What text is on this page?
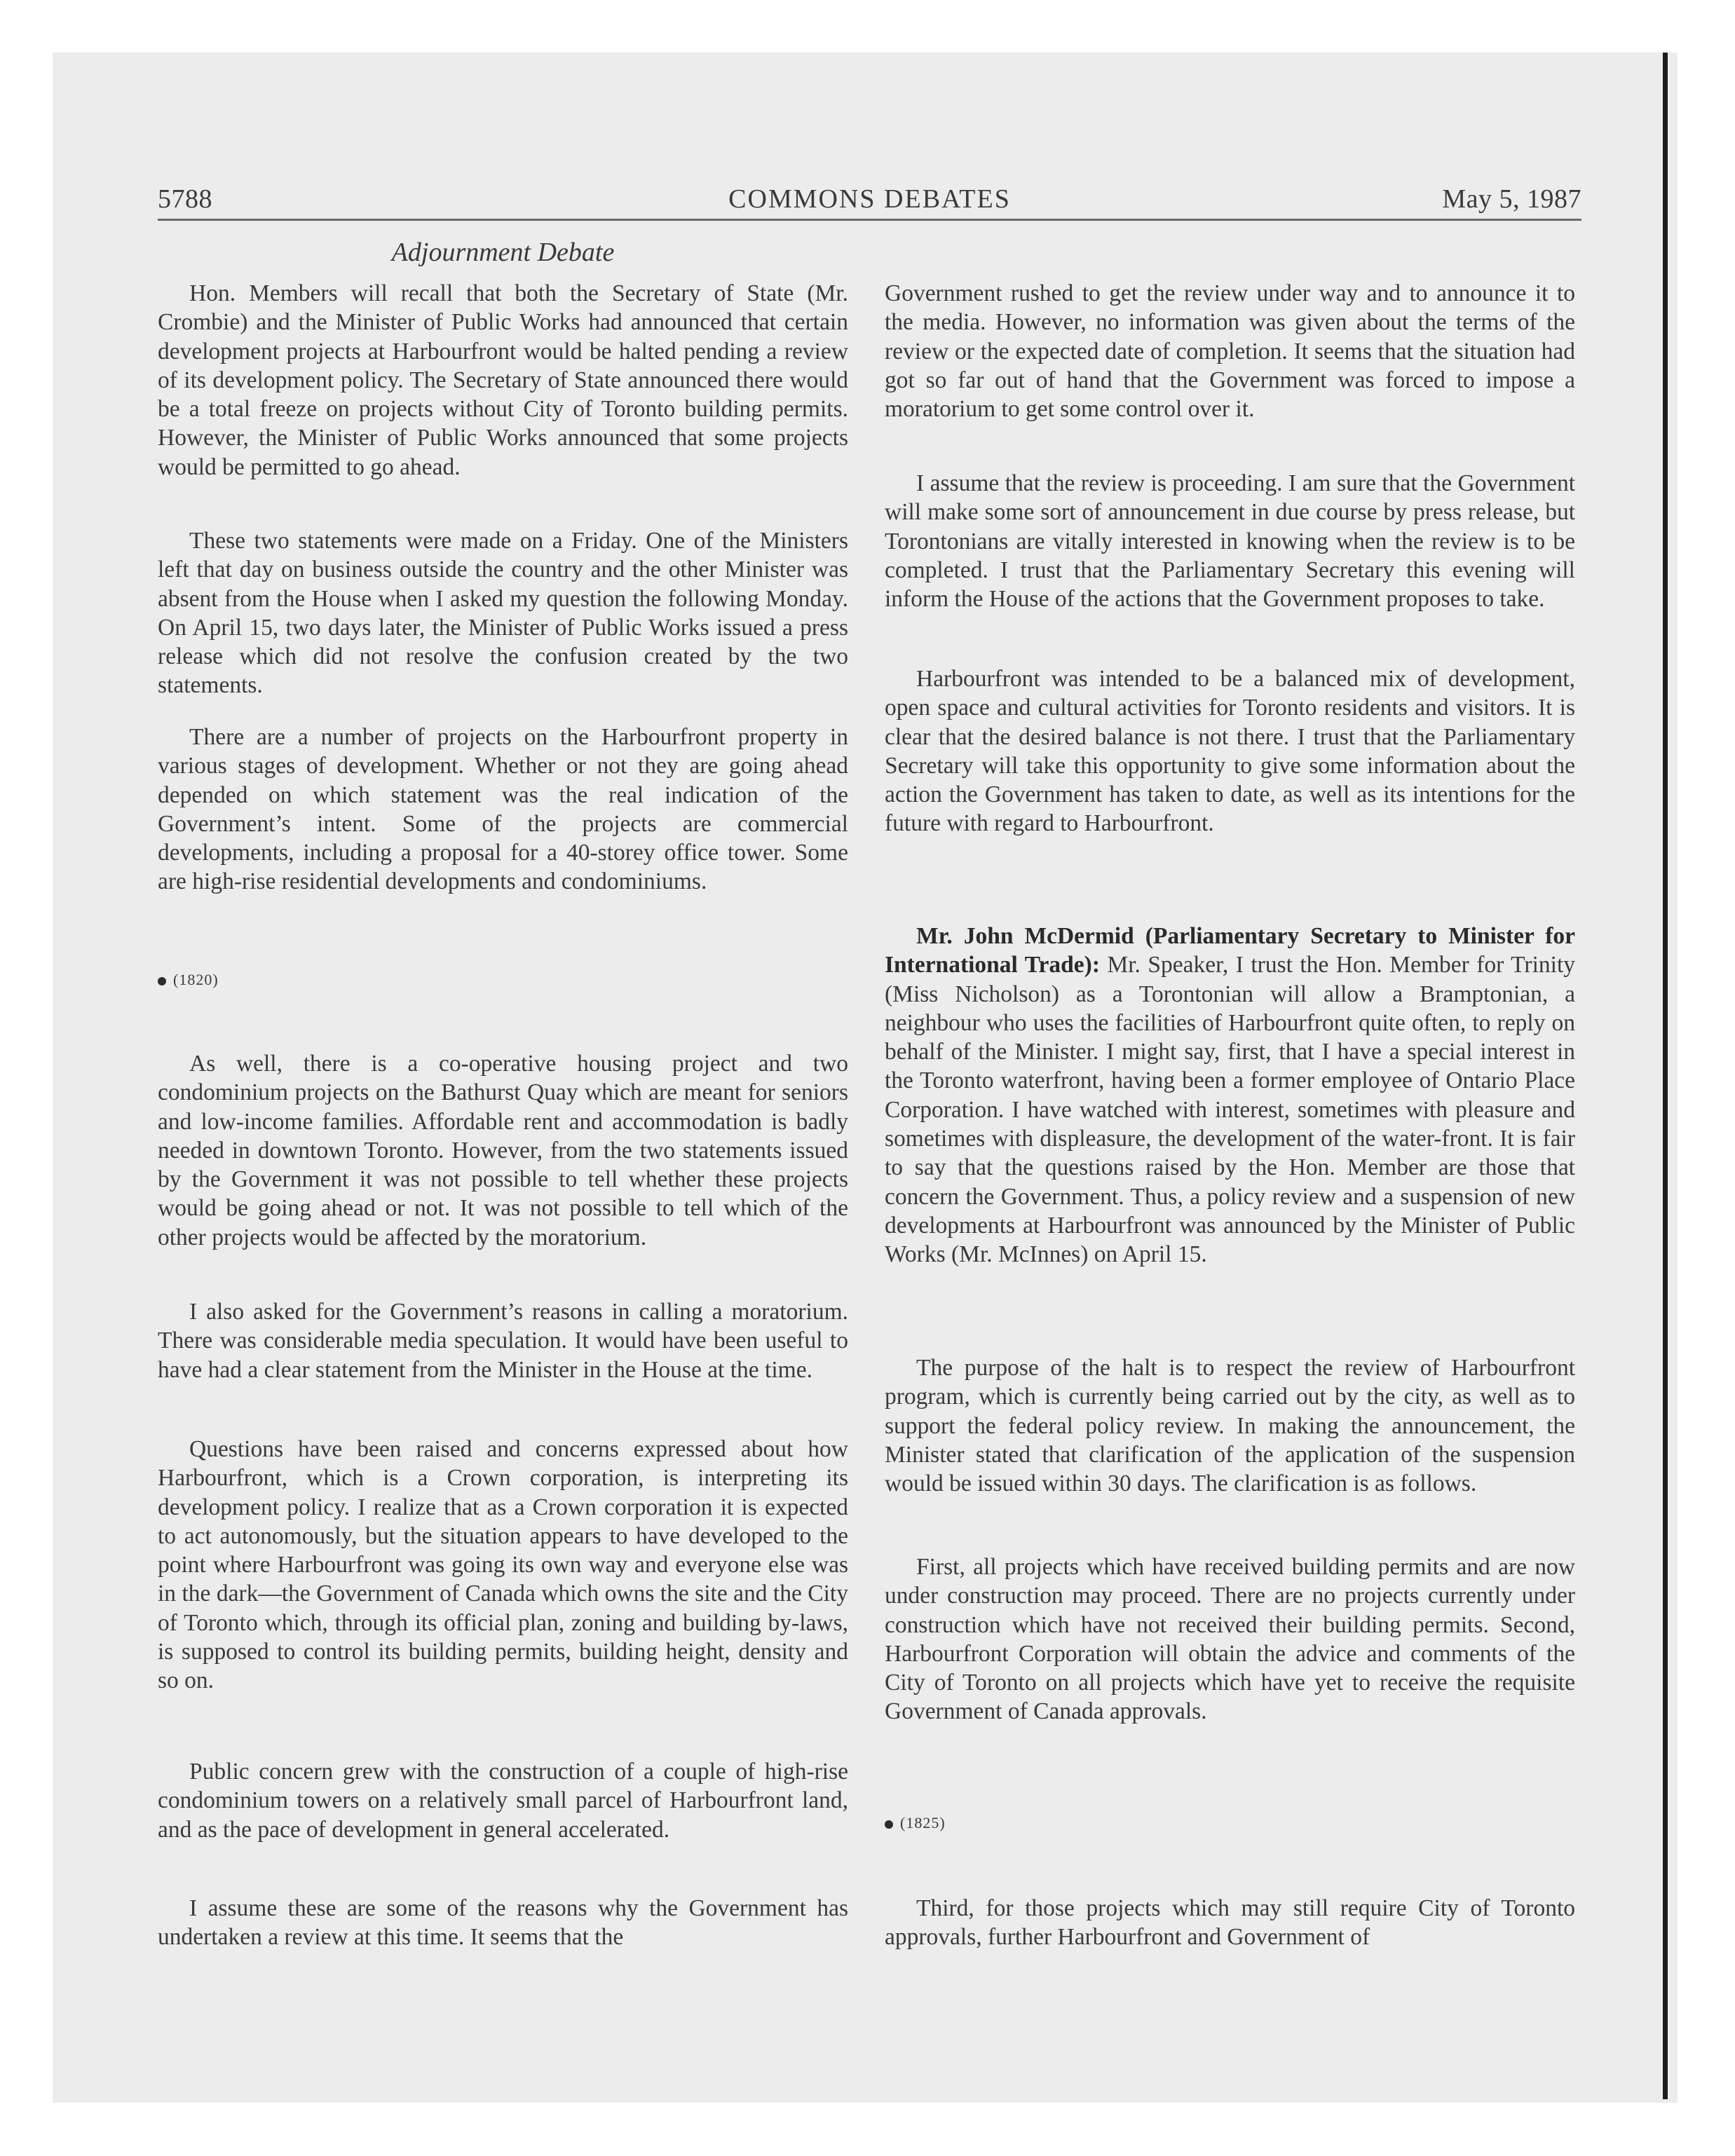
5788	COMMONS DEBATES	May 5, 1987
Adjournment Debate

Hon. Members will recall that both the Secretary of State (Mr. Crombie) and the Minister of Public Works had announced that certain development projects at Harbourfront would be halted pending a review of its development policy. The Secretary of State announced there would be a total freeze on projects without City of Toronto building permits. However, the Minister of Public Works announced that some projects would be permitted to go ahead.

These two statements were made on a Friday. One of the Ministers left that day on business outside the country and the other Minister was absent from the House when I asked my question the following Monday. On April 15, two days later, the Minister of Public Works issued a press release which did not resolve the confusion created by the two statements.

There are a number of projects on the Harbourfront property in various stages of development. Whether or not they are going ahead depended on which statement was the real indication of the Government’s intent. Some of the projects are commercial developments, including a proposal for a 40-storey office tower. Some are high-rise residential developments and condominiums.

(1820)

As well, there is a co-operative housing project and two condominium projects on the Bathurst Quay which are meant for seniors and low-income families. Affordable rent and accommodation is badly needed in downtown Toronto. However, from the two statements issued by the Government it was not possible to tell whether these projects would be going ahead or not. It was not possible to tell which of the other projects would be affected by the moratorium.

I also asked for the Government’s reasons in calling a moratorium. There was considerable media speculation. It would have been useful to have had a clear statement from the Minister in the House at the time.

Questions have been raised and concerns expressed about how Harbourfront, which is a Crown corporation, is interpreting its development policy. I realize that as a Crown corporation it is expected to act autonomously, but the situation appears to have developed to the point where Harbourfront was going its own way and everyone else was in the dark—the Government of Canada which owns the site and the City of Toronto which, through its official plan, zoning and building by-laws, is supposed to control its building permits, building height, density and so on.

Public concern grew with the construction of a couple of high-rise condominium towers on a relatively small parcel of Harbourfront land, and as the pace of development in general accelerated.

I assume these are some of the reasons why the Government has undertaken a review at this time. It seems that the

Government rushed to get the review under way and to announce it to the media. However, no information was given about the terms of the review or the expected date of completion. It seems that the situation had got so far out of hand that the Government was forced to impose a moratorium to get some control over it.

I assume that the review is proceeding. I am sure that the Government will make some sort of announcement in due course by press release, but Torontonians are vitally interested in knowing when the review is to be completed. I trust that the Parliamentary Secretary this evening will inform the House of the actions that the Government proposes to take.

Harbourfront was intended to be a balanced mix of development, open space and cultural activities for Toronto residents and visitors. It is clear that the desired balance is not there. I trust that the Parliamentary Secretary will take this opportunity to give some information about the action the Government has taken to date, as well as its intentions for the future with regard to Harbourfront.

Mr. John McDermid (Parliamentary Secretary to Minister for International Trade): Mr. Speaker, I trust the Hon. Member for Trinity (Miss Nicholson) as a Torontonian will allow a Bramptonian, a neighbour who uses the facilities of Harbourfront quite often, to reply on behalf of the Minister. I might say, first, that I have a special interest in the Toronto waterfront, having been a former employee of Ontario Place Corporation. I have watched with interest, sometimes with pleasure and sometimes with displeasure, the development of the water-front. It is fair to say that the questions raised by the Hon. Member are those that concern the Government. Thus, a policy review and a suspension of new developments at Harbourfront was announced by the Minister of Public Works (Mr. McInnes) on April 15.

The purpose of the halt is to respect the review of Harbourfront program, which is currently being carried out by the city, as well as to support the federal policy review. In making the announcement, the Minister stated that clarification of the application of the suspension would be issued within 30 days. The clarification is as follows.

First, all projects which have received building permits and are now under construction may proceed. There are no projects currently under construction which have not received their building permits. Second, Harbourfront Corporation will obtain the advice and comments of the City of Toronto on all projects which have yet to receive the requisite Government of Canada approvals.

(1825)

Third, for those projects which may still require City of Toronto approvals, further Harbourfront and Government of
